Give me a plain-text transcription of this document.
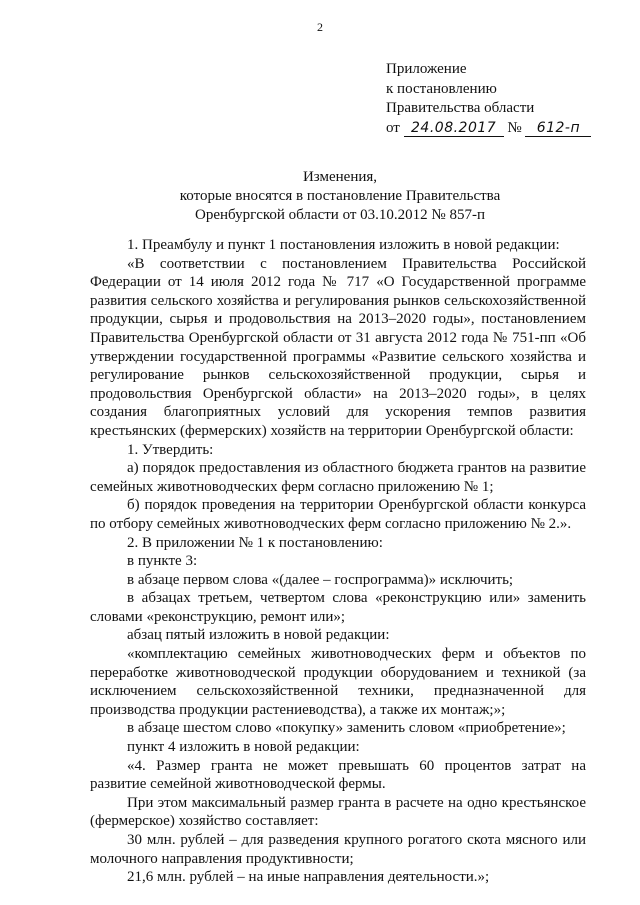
2
Приложение
к постановлению
Правительства области
от 24.08.2017 № 612-п
Изменения,
которые вносятся в постановление Правительства
Оренбургской области от 03.10.2012 № 857-п

1. Преамбулу и пункт 1 постановления изложить в новой редакции:

«В соответствии с постановлением Правительства Российской Федерации от 14 июля 2012 года № 717 «О Государственной программе развития сельского хозяйства и регулирования рынков сельскохозяйственной продукции, сырья и продовольствия на 2013–2020 годы», постановлением Правительства Оренбургской области от 31 августа 2012 года № 751-пп «Об утверждении государственной программы «Развитие сельского хозяйства и регулирование рынков сельскохозяйственной продукции, сырья и продовольствия Оренбургской области» на 2013–2020 годы», в целях создания благоприятных условий для ускорения темпов развития крестьянских (фермерских) хозяйств на территории Оренбургской области:

1. Утвердить:

а) порядок предоставления из областного бюджета грантов на развитие семейных животноводческих ферм согласно приложению № 1;

б) порядок проведения на территории Оренбургской области конкурса по отбору семейных животноводческих ферм согласно приложению № 2.».

2. В приложении № 1 к постановлению:

в пункте 3:

в абзаце первом слова «(далее – госпрограмма)» исключить;

в абзацах третьем, четвертом слова «реконструкцию или» заменить словами «реконструкцию, ремонт или»;

абзац пятый изложить в новой редакции:

«комплектацию семейных животноводческих ферм и объектов по переработке животноводческой продукции оборудованием и техникой (за исключением сельскохозяйственной техники, предназначенной для производства продукции растениеводства), а также их монтаж;»;

в абзаце шестом слово «покупку» заменить словом «приобретение»;

пункт 4 изложить в новой редакции:

«4. Размер гранта не может превышать 60 процентов затрат на развитие семейной животноводческой фермы.

При этом максимальный размер гранта в расчете на одно крестьянское (фермерское) хозяйство составляет:

30 млн. рублей – для разведения крупного рогатого скота мясного или молочного направления продуктивности;

21,6 млн. рублей – на иные направления деятельности.»;
